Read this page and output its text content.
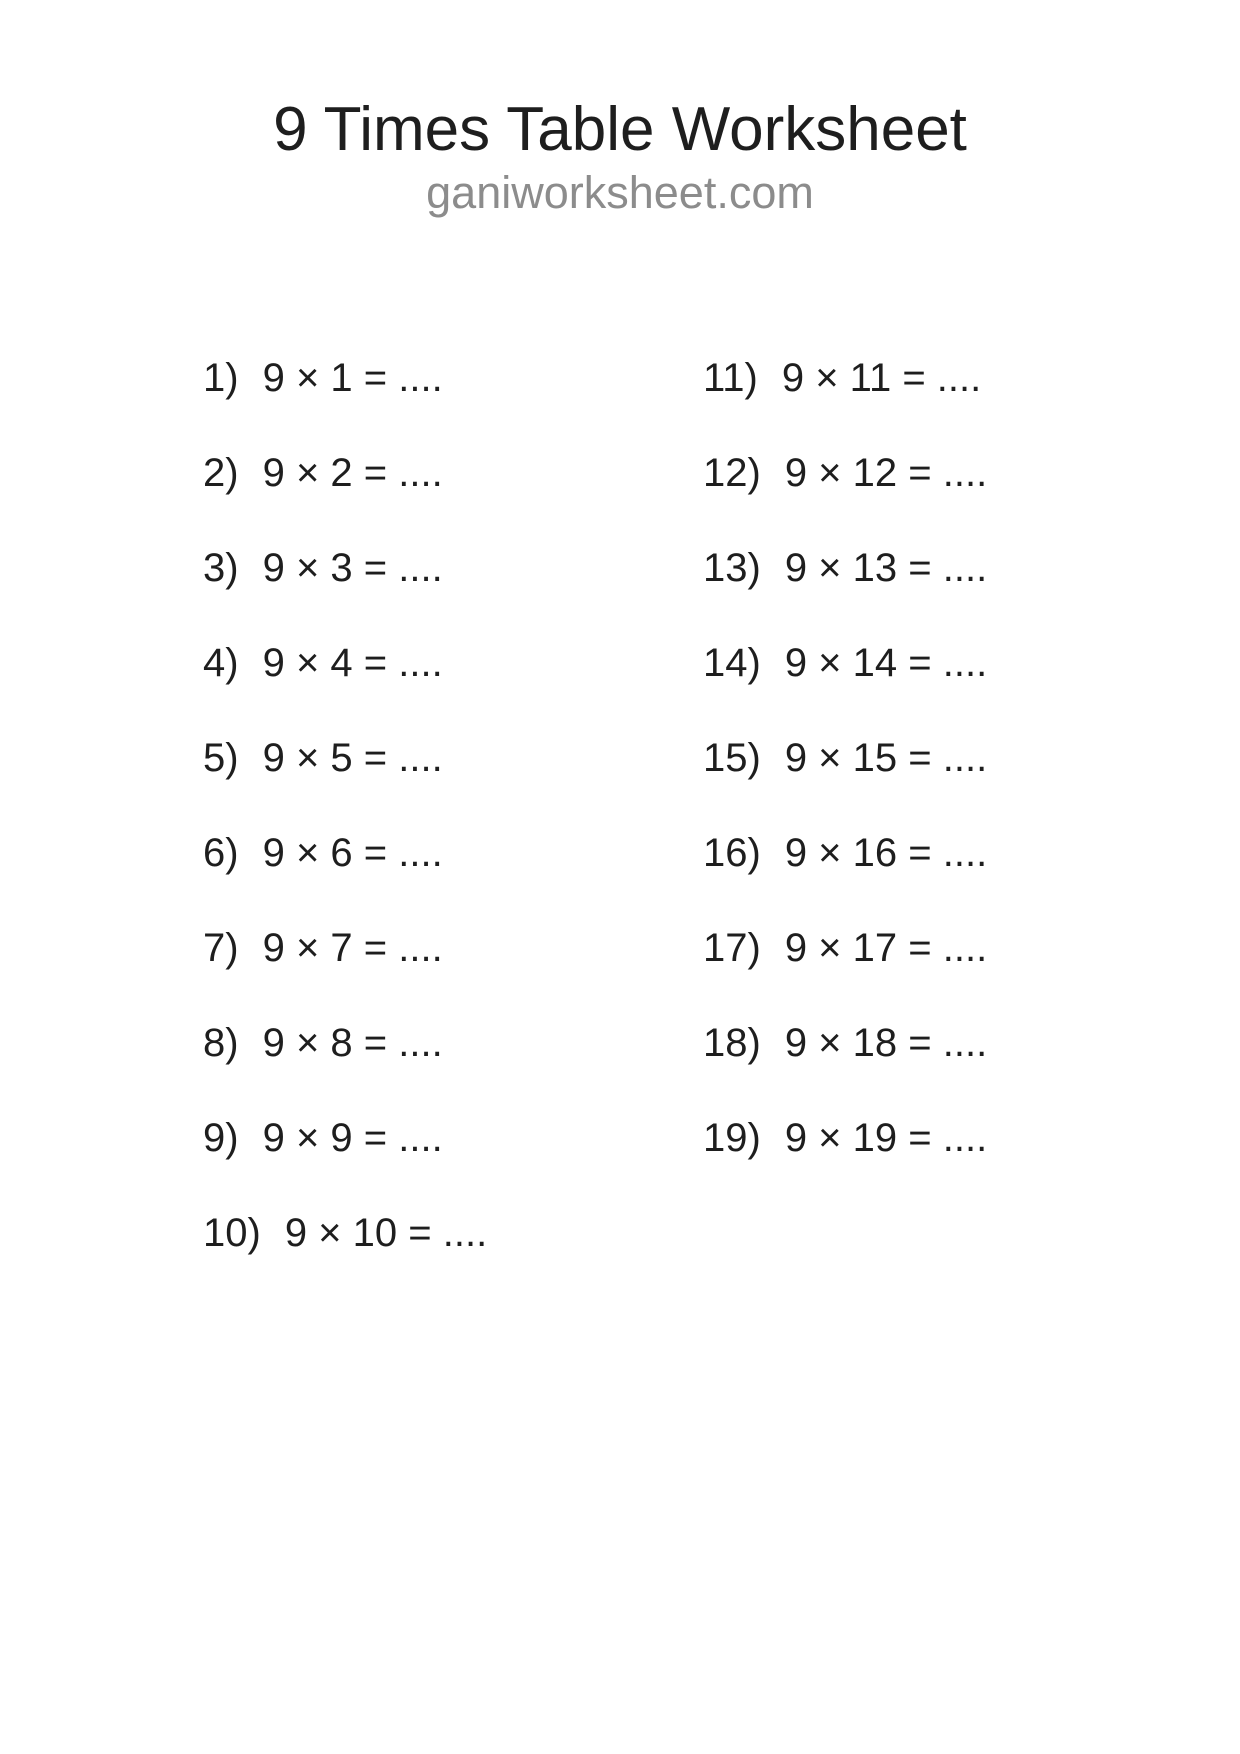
9 Times Table Worksheet
ganiworksheet.com
1) 9 × 1 = ....
2) 9 × 2 = ....
3) 9 × 3 = ....
4) 9 × 4 = ....
5) 9 × 5 = ....
6) 9 × 6 = ....
7) 9 × 7 = ....
8) 9 × 8 = ....
9) 9 × 9 = ....
10) 9 × 10 = ....
11) 9 × 11 = ....
12) 9 × 12 = ....
13) 9 × 13 = ....
14) 9 × 14 = ....
15) 9 × 15 = ....
16) 9 × 16 = ....
17) 9 × 17 = ....
18) 9 × 18 = ....
19) 9 × 19 = ....
